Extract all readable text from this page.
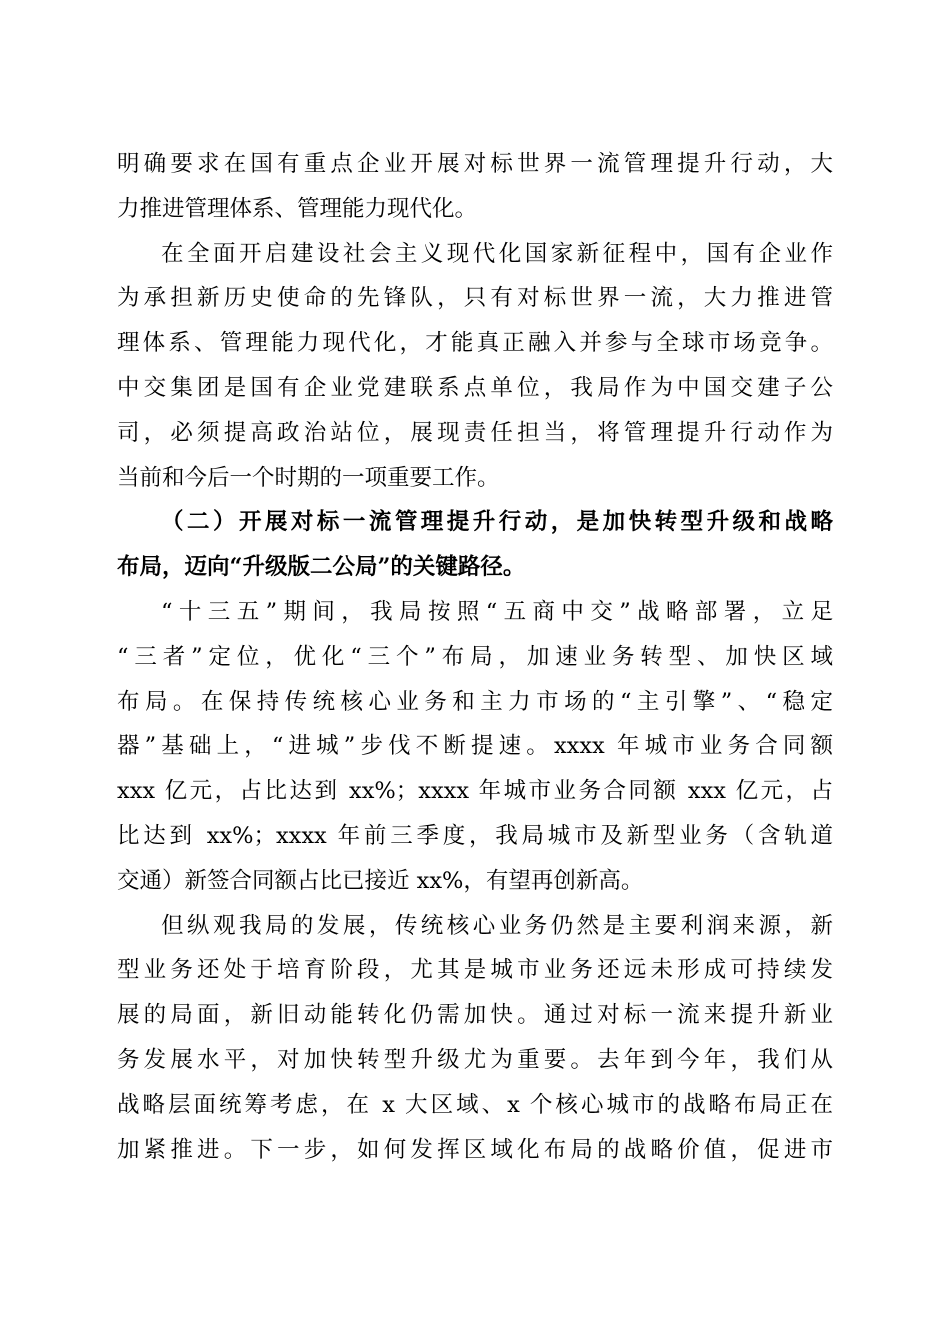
明确要求在国有重点企业开展对标世界一流管理提升行动，大
力推进管理体系、管理能力现代化。
在全面开启建设社会主义现代化国家新征程中，国有企业作
为承担新历史使命的先锋队，只有对标世界一流，大力推进管
理体系、管理能力现代化，才能真正融入并参与全球市场竞争。
中交集团是国有企业党建联系点单位，我局作为中国交建子公
司，必须提高政治站位，展现责任担当，将管理提升行动作为
当前和今后一个时期的一项重要工作。
（二）开展对标一流管理提升行动，是加快转型升级和战略
布局，迈向“升级版二公局”的关键路径。
“十三五”期间，我局按照“五商中交”战略部署，立足
“三者”定位，优化“三个”布局，加速业务转型、加快区域
布局。在保持传统核心业务和主力市场的“主引擎”、“稳定
器”基础上，“进城”步伐不断提速。xxxx 年城市业务合同额
xxx 亿元，占比达到 xx%；xxxx 年城市业务合同额 xxx 亿元，占
比达到 xx%；xxxx 年前三季度，我局城市及新型业务（含轨道
交通）新签合同额占比已接近 xx%，有望再创新高。
但纵观我局的发展，传统核心业务仍然是主要利润来源，新
型业务还处于培育阶段，尤其是城市业务还远未形成可持续发
展的局面，新旧动能转化仍需加快。通过对标一流来提升新业
务发展水平，对加快转型升级尤为重要。去年到今年，我们从
战略层面统筹考虑，在 x 大区域、x 个核心城市的战略布局正在
加紧推进。下一步，如何发挥区域化布局的战略价值，促进市
